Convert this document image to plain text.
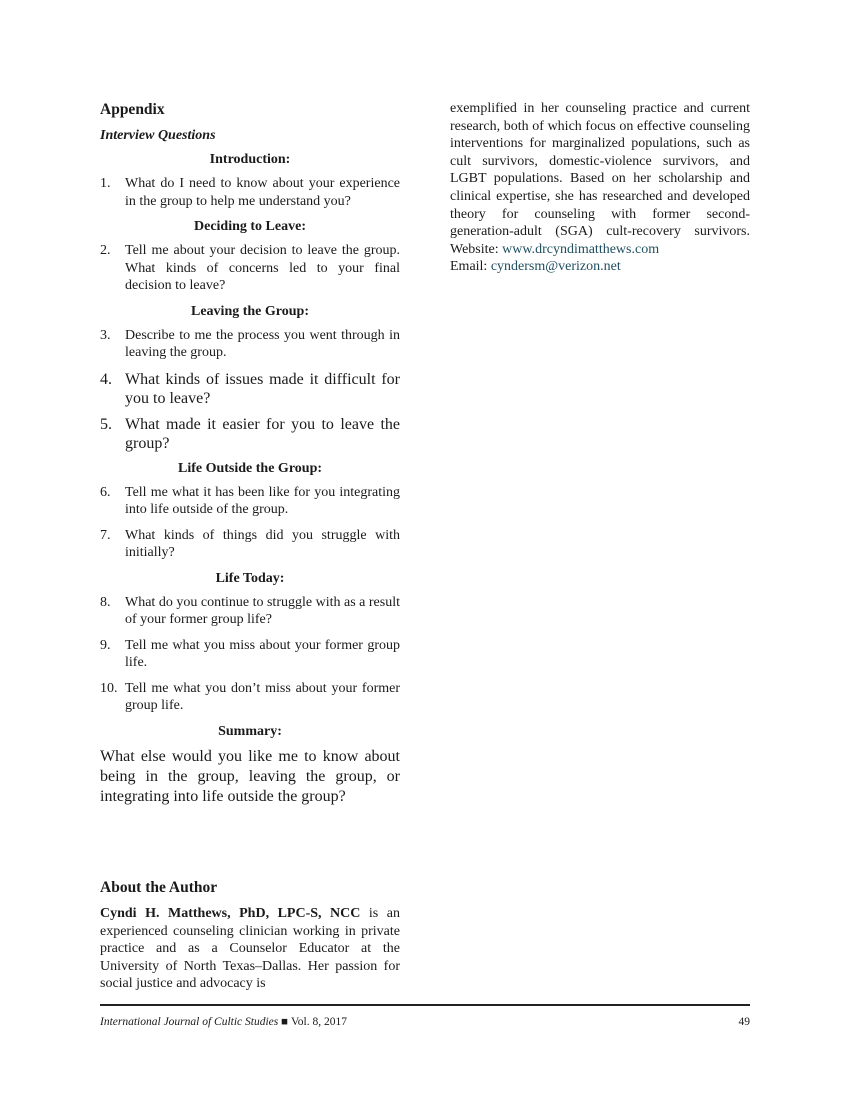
Appendix
Interview Questions
Introduction:
1.	What do I need to know about your experience in the group to help me understand you?
Deciding to Leave:
2.	Tell me about your decision to leave the group. What kinds of concerns led to your final decision to leave?
Leaving the Group:
3.	Describe to me the process you went through in leaving the group.
4. What kinds of issues made it difficult for you to leave?
5. What made it easier for you to leave the group?
Life Outside the Group:
6.	Tell me what it has been like for you integrating into life outside of the group.
7.	What kinds of things did you struggle with initially?
Life Today:
8.	What do you continue to struggle with as a result of your former group life?
9.	Tell me what you miss about your former group life.
10. Tell me what you don’t miss about your former group life.
Summary:

What else would you like me to know about being in the group, leaving the group, or integrating into life outside the group?

About the Author

Cyndi H. Matthews, PhD, LPC-S, NCC is an experienced counseling clinician working in private practice and as a Counselor Educator at the University of North Texas–Dallas. Her passion for social justice and advocacy is

exemplified in her counseling practice and current research, both of which focus on effective counseling interventions for marginalized populations, such as cult survivors, domestic-violence survivors, and LGBT populations. Based on her scholarship and clinical expertise, she has researched and developed theory for counseling with former second-generation-adult (SGA) cult-recovery survivors. Website: www.drcyndimatthews.com
Email: cyndersm@verizon.net

International Journal of Cultic Studies ■ Vol. 8, 2017	49
